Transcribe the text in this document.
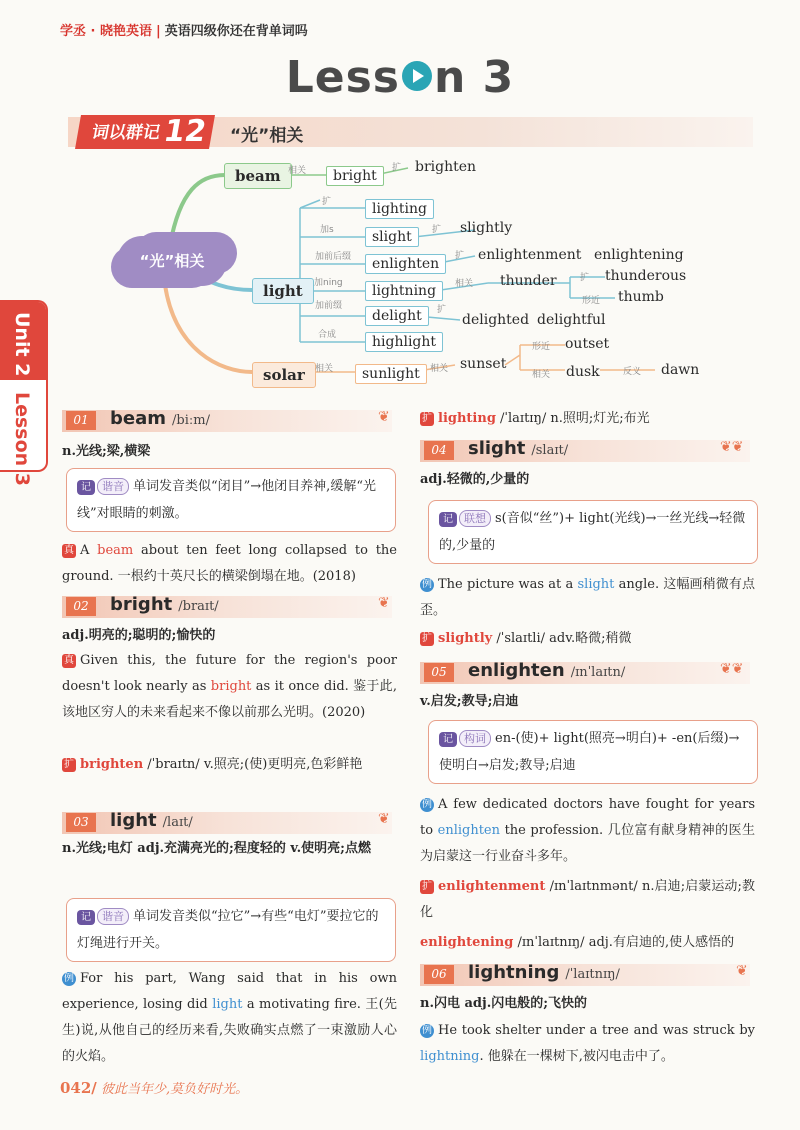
学丞 · 晓艳英语 | 英语四级你还在背单词吗
Less n 3
词以群记12	“光”相关
Unit 2
Lesson 3
“光”相关
beam
light
solar
bright
brighten
lighting
slight
slightly
enlighten
enlightenment enlightening
lightning
thunder	thunderous
thumb
delight	delighted delightful
highlight
sunlight
sunset
outset
dusk	dawn
相关	扩
扩
加s	扩
加前后缀	扩
加ning	相关
扩
形近
加前缀	扩
合成
相关	相关
形近
相关	反义
01	beam /biːm/	❦
n.光线;梁,横梁
记 谐音 单词发音类似“闭目”→他闭目养神,缓解“光线”对眼睛的刺激。
真 A beam about ten feet long collapsed to the ground. 一根约十英尺长的横梁倒塌在地。(2018)
02	bright /braɪt/	❦
adj.明亮的;聪明的;愉快的
真 Given this, the future for the region's poor doesn't look nearly as bright as it once did. 鉴于此,该地区穷人的未来看起来不像以前那么光明。(2020)
扩 brighten /ˈbraɪtn/ v.照亮;(使)更明亮,色彩鲜艳
03	light /laɪt/	❦
n.光线;电灯 adj.充满亮光的;程度轻的 v.使明亮;点燃
记 谐音 单词发音类似“拉它”→有些“电灯”要拉它的灯绳进行开关。
例 For his part, Wang said that in his own experience, losing did light a motivating fire. 王(先生)说,从他自己的经历来看,失败确实点燃了一束激励人心的火焰。
扩 lighting /ˈlaɪtɪŋ/ n.照明;灯光;布光
04	slight /slaɪt/	❦❦
adj.轻微的,少量的
记 联想 s(音似“丝”)+ light(光线)→一丝光线→轻微的,少量的
例 The picture was at a slight angle. 这幅画稍微有点歪。
扩 slightly /ˈslaɪtli/ adv.略微;稍微
05	enlighten /ɪnˈlaɪtn/	❦❦
v.启发;教导;启迪
记 构词 en-(使)+ light(照亮→明白)+ -en(后缀)→使明白→启发;教导;启迪
例 A few dedicated doctors have fought for years to enlighten the profession. 几位富有献身精神的医生为启蒙这一行业奋斗多年。
扩 enlightenment /ɪnˈlaɪtnmənt/ n.启迪;启蒙运动;教化
enlightening /ɪnˈlaɪtnɪŋ/ adj.有启迪的,使人感悟的
06	lightning /ˈlaɪtnɪŋ/	❦
n.闪电 adj.闪电般的;飞快的
例 He took shelter under a tree and was struck by lightning. 他躲在一棵树下,被闪电击中了。
042/ 彼此当年少,莫负好时光。
